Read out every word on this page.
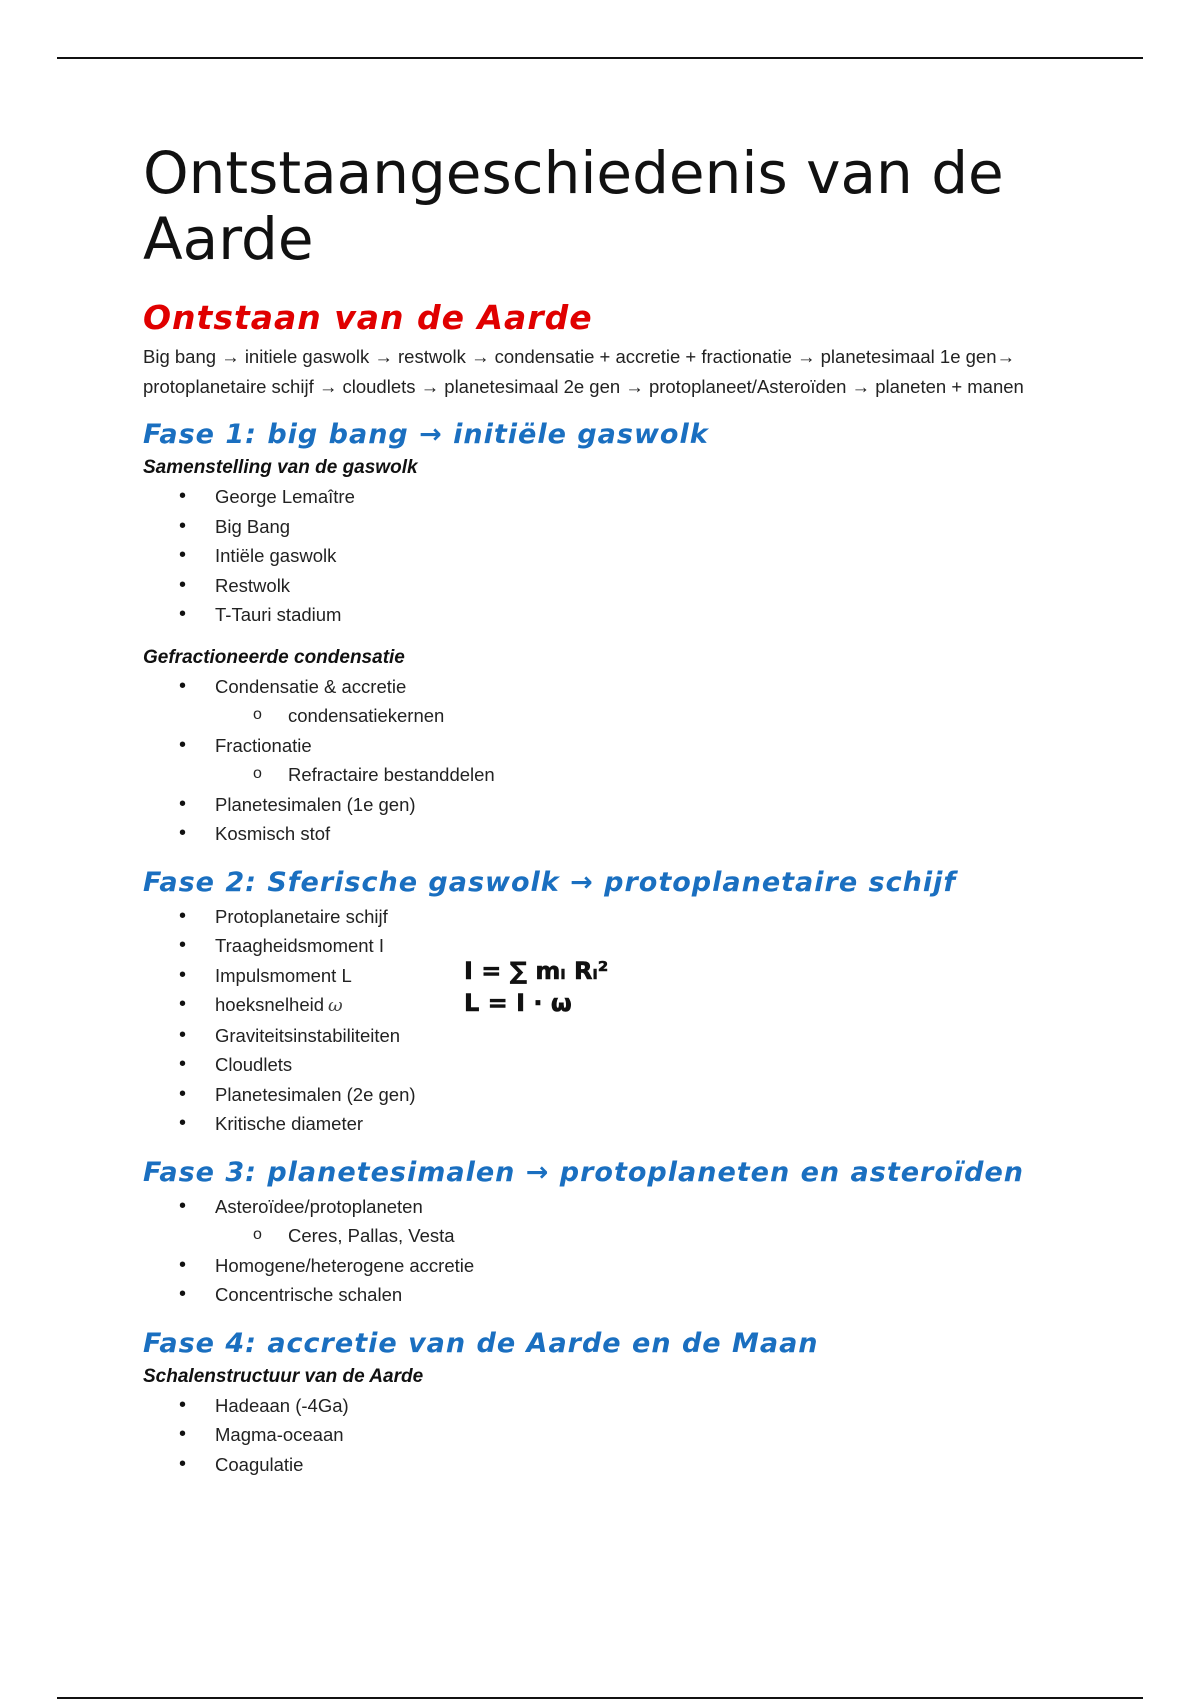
Ontstaangeschiedenis van de Aarde
Ontstaan van de Aarde
Big bang → initiele gaswolk → restwolk → condensatie + accretie + fractionatie → planetesimaal 1e gen→ protoplanetaire schijf → cloudlets → planetesimaal 2e gen → protoplaneet/Asteroïden → planeten + manen
Fase 1: big bang → initiële gaswolk

Samenstelling van de gaswolk

• George Lemaître
• Big Bang
• Intiële gaswolk
• Restwolk
• T-Tauri stadium

Gefractioneerde condensatie

• Condensatie & accretie
o condensatiekernen
• Fractionatie
o Refractaire bestanddelen
• Planetesimalen (1e gen)
• Kosmisch stof
Fase 2: Sferische gaswolk → protoplanetaire schijf
• Protoplanetaire schijf
• Traagheidsmoment I
• Impulsmoment L
• hoeksnelheid ω
• Graviteitsinstabiliteiten
• Cloudlets
• Planetesimalen (2e gen)
• Kritische diameter
Fase 3: planetesimalen → protoplaneten en asteroïden
• Asteroïdee/protoplaneten
o Ceres, Pallas, Vesta
• Homogene/heterogene accretie
• Concentrische schalen
Fase 4: accretie van de Aarde en de Maan

Schalenstructuur van de Aarde

• Hadeaan (-4Ga)
• Magma-oceaan
• Coagulatie
I = ∑ mᵢ Rᵢ²
L = I · ω
